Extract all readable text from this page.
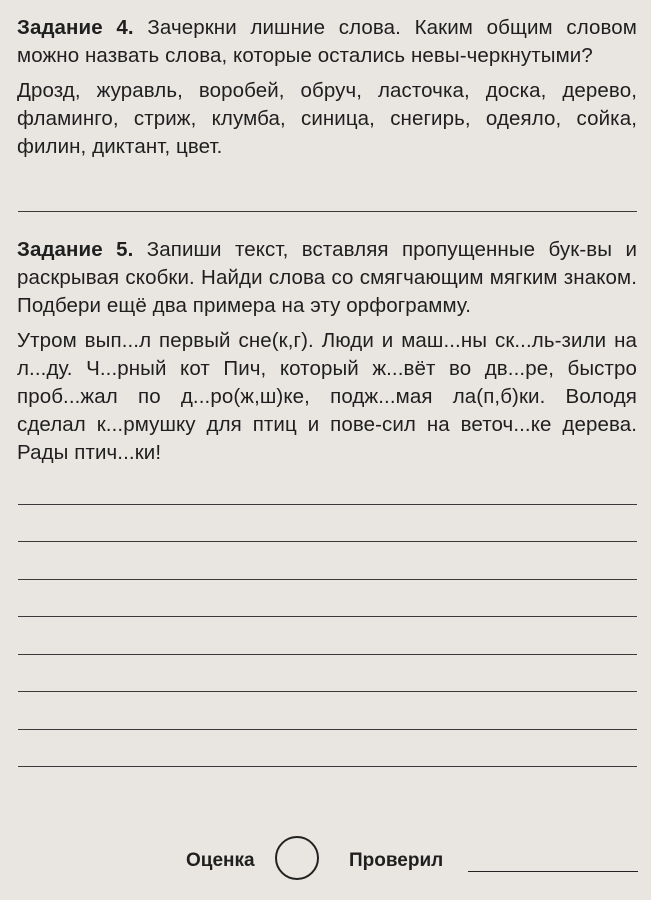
Задание 4. Зачеркни лишние слова. Каким общим словом можно назвать слова, которые остались невы-черкнутыми?

Дрозд, журавль, воробей, обруч, ласточка, доска, дерево, фламинго, стриж, клумба, синица, снегирь, одеяло, сойка, филин, диктант, цвет.

Задание 5. Запиши текст, вставляя пропущенные бук-вы и раскрывая скобки. Найди слова со смягчающим мягким знаком. Подбери ещё два примера на эту орфограмму.

Утром вып...л первый сне(к,г). Люди и маш...ны ск...ль-зили на л...ду. Ч...рный кот Пич, который ж...вёт во дв...ре, быстро проб...жал по д...ро(ж,ш)ке, подж...мая ла(п,б)ки. Володя сделал к...рмушку для птиц и пове-сил на веточ...ке дерева. Рады птич...ки!

Оценка	Проверил
